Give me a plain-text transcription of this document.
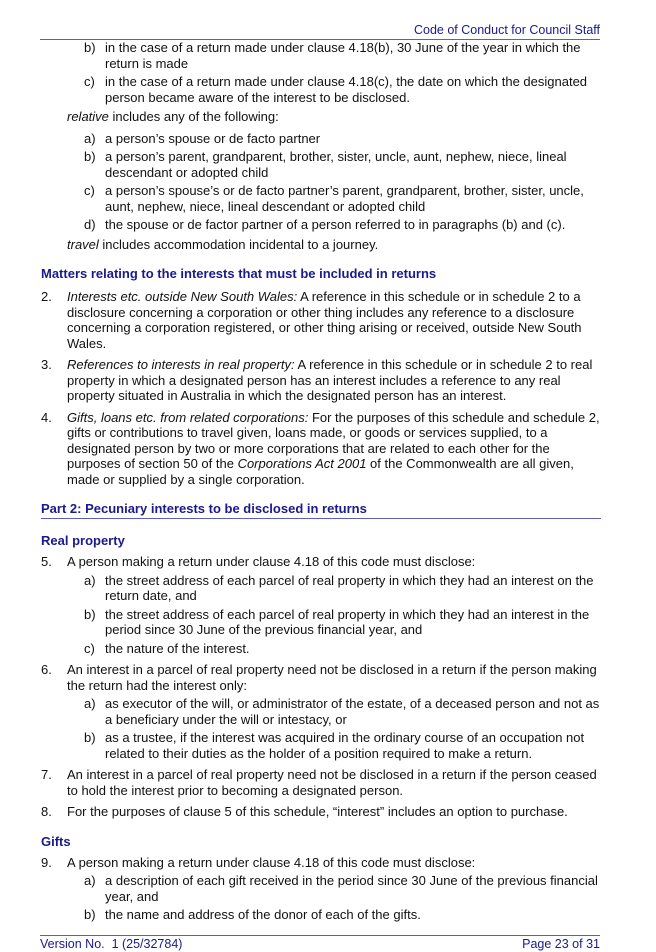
Code of Conduct for Council Staff
b) in the case of a return made under clause 4.18(b), 30 June of the year in which the return is made
c) in the case of a return made under clause 4.18(c), the date on which the designated person became aware of the interest to be disclosed.
relative includes any of the following:
a) a person’s spouse or de facto partner
b) a person’s parent, grandparent, brother, sister, uncle, aunt, nephew, niece, lineal descendant or adopted child
c) a person’s spouse’s or de facto partner’s parent, grandparent, brother, sister, uncle, aunt, nephew, niece, lineal descendant or adopted child
d) the spouse or de factor partner of a person referred to in paragraphs (b) and (c).
travel includes accommodation incidental to a journey.
Matters relating to the interests that must be included in returns
2. Interests etc. outside New South Wales: A reference in this schedule or in schedule 2 to a disclosure concerning a corporation or other thing includes any reference to a disclosure concerning a corporation registered, or other thing arising or received, outside New South Wales.
3. References to interests in real property: A reference in this schedule or in schedule 2 to real property in which a designated person has an interest includes a reference to any real property situated in Australia in which the designated person has an interest.
4. Gifts, loans etc. from related corporations: For the purposes of this schedule and schedule 2, gifts or contributions to travel given, loans made, or goods or services supplied, to a designated person by two or more corporations that are related to each other for the purposes of section 50 of the Corporations Act 2001 of the Commonwealth are all given, made or supplied by a single corporation.
Part 2: Pecuniary interests to be disclosed in returns
Real property
5. A person making a return under clause 4.18 of this code must disclose:
a) the street address of each parcel of real property in which they had an interest on the return date, and
b) the street address of each parcel of real property in which they had an interest in the period since 30 June of the previous financial year, and
c) the nature of the interest.
6. An interest in a parcel of real property need not be disclosed in a return if the person making the return had the interest only:
a) as executor of the will, or administrator of the estate, of a deceased person and not as a beneficiary under the will or intestacy, or
b) as a trustee, if the interest was acquired in the ordinary course of an occupation not related to their duties as the holder of a position required to make a return.
7. An interest in a parcel of real property need not be disclosed in a return if the person ceased to hold the interest prior to becoming a designated person.
8. For the purposes of clause 5 of this schedule, “interest” includes an option to purchase.
Gifts
9. A person making a return under clause 4.18 of this code must disclose:
a) a description of each gift received in the period since 30 June of the previous financial year, and
b) the name and address of the donor of each of the gifts.
Version No.  1 (25/32784)	Page 23 of 31
